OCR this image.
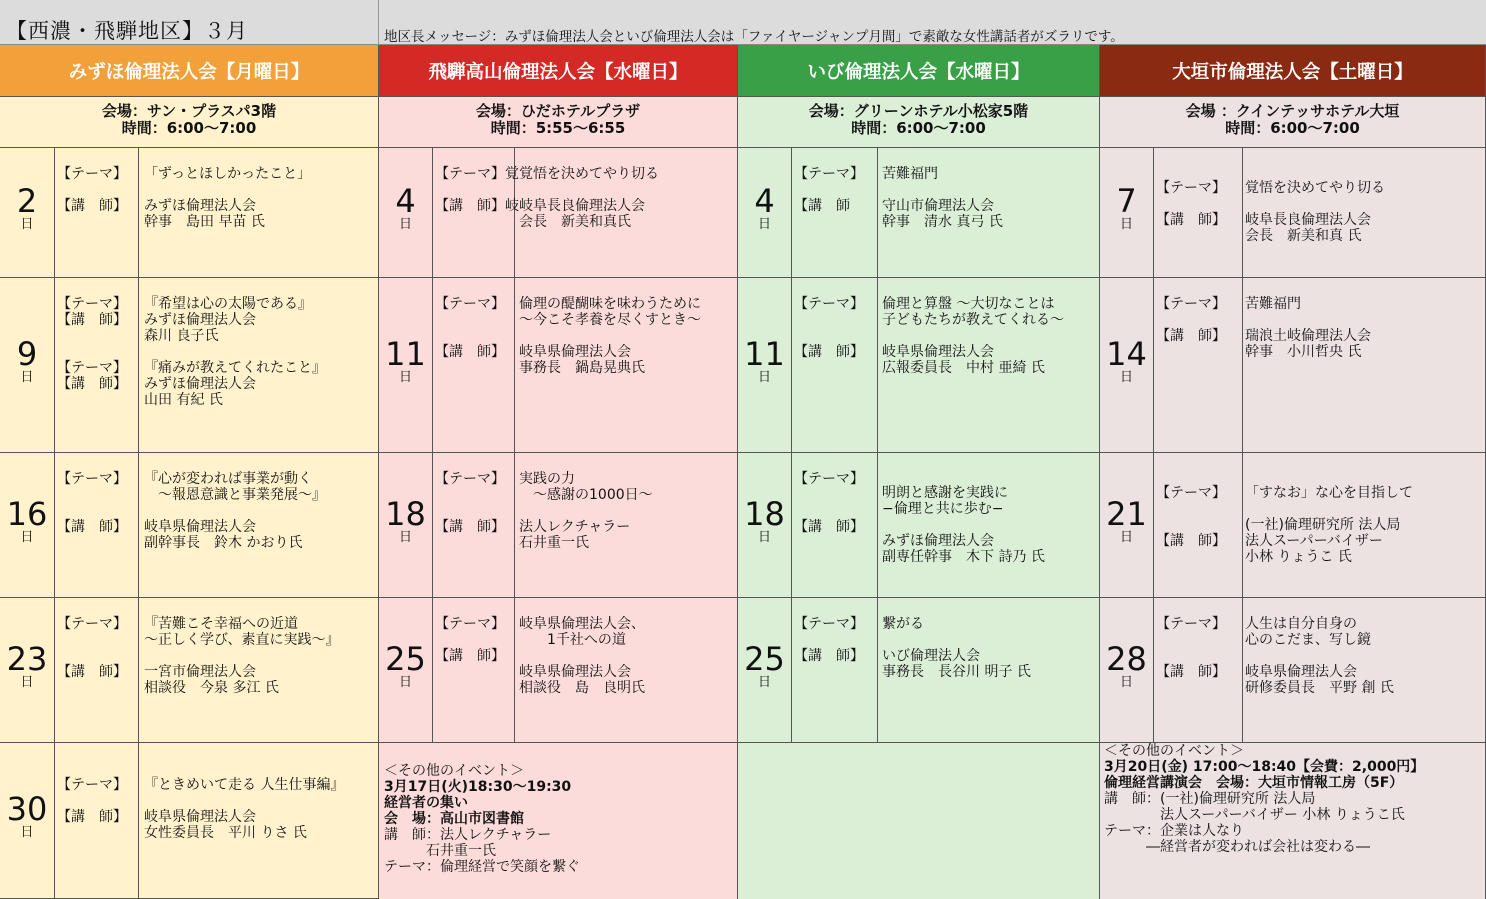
【西濃・飛騨地区】３月	地区長メッセージ：みずほ倫理法人会といび倫理法人会は「ファイヤージャンプ月間」で素敵な女性講話者がズラリです。
みずほ倫理法人会【月曜日】
会場：サン・プラスパ3階
時間：6:00～7:00
2
日
【テーマ】
【講　師】
「ずっとほしかったこと」
みずほ倫理法人会
幹事　島田 早苗 氏
9
日
【テーマ】
【講　師】
【テーマ】
【講　師】
『希望は心の太陽である』
みずほ倫理法人会
森川 良子氏
『痛みが教えてくれたこと』
みずほ倫理法人会
山田 有紀 氏
16
日
【テーマ】
【講　師】
『心が変われば事業が動く
　～報恩意識と事業発展～』
岐阜県倫理法人会
副幹事長　鈴木 かおり氏
23
日
【テーマ】
【講　師】
『苦難こそ幸福への近道
～正しく学び、素直に実践～』
一宮市倫理法人会
相談役　今泉 多江 氏
30
日
【テーマ】
【講　師】
『ときめいて走る 人生仕事編』
岐阜県倫理法人会
女性委員長　平川 りさ 氏
飛騨高山倫理法人会【水曜日】
会場：ひだホテルプラザ
時間：5:55～6:55
4
日
【テーマ】覚
【講　師】岐
覚悟を決めてやり切る
岐阜長良倫理法人会
会長　新美和真氏
11
日
【テーマ】
【講　師】
倫理の醍醐味を味わうために
～今こそ孝養を尽くすとき～
岐阜県倫理法人会
事務長　鍋島晃典氏
18
日
【テーマ】
【講　師】
実践の力
　～感謝の1000日～
法人レクチャラー
石井重一氏
25
日
【テーマ】
【講　師】
岐阜県倫理法人会、
　　1千社への道
岐阜県倫理法人会
相談役　島　良明氏
＜その他のイベント＞
3月17日(火)18:30～19:30
経営者の集い
会　場：高山市図書館
講　師：法人レクチャラー
　　　石井重一氏
テーマ：倫理経営で笑顔を繋ぐ
いび倫理法人会【水曜日】
会場：グリーンホテル小松家5階
時間：6:00～7:00
4
日
【テーマ】
【講　師
苦難福門
守山市倫理法人会
幹事　清水 真弓 氏
11
日
【テーマ】
【講　師】
倫理と算盤 ～大切なことは
子どもたちが教えてくれる～
岐阜県倫理法人会
広報委員長　中村 亜綺 氏
18
日
【テーマ】
【講　師】
明朗と感謝を実践に
−倫理と共に歩む−
みずほ倫理法人会
副専任幹事　木下 詩乃 氏
25
日
【テーマ】
【講　師】
繋がる
いび倫理法人会
事務長　長谷川 明子 氏
大垣市倫理法人会【土曜日】
会場 ：クインテッサホテル大垣
時間：6:00～7:00
7
日
【テーマ】
【講　師】
覚悟を決めてやり切る
岐阜長良倫理法人会
会長　新美和真 氏
14
日
【テーマ】
【講　師】
苦難福門
瑞浪土岐倫理法人会
幹事　小川哲央 氏
21
日
【テーマ】
【講　師】
「すなお」な心を目指して
(一社)倫理研究所 法人局
法人スーパーバイザー
小林 りょうこ 氏
28
日
【テーマ】
【講　師】
人生は自分自身の
心のこだま、写し鏡
岐阜県倫理法人会
研修委員長　平野 創 氏
＜その他のイベント＞
3月20日(金) 17:00～18:40【会費：2,000円】
倫理経営講演会　会場：大垣市情報工房（5F）
講　師：(一社)倫理研究所 法人局
　　　　法人スーパーバイザー 小林 りょうこ氏
テーマ：企業は人なり
　　　―経営者が変われば会社は変わる―
